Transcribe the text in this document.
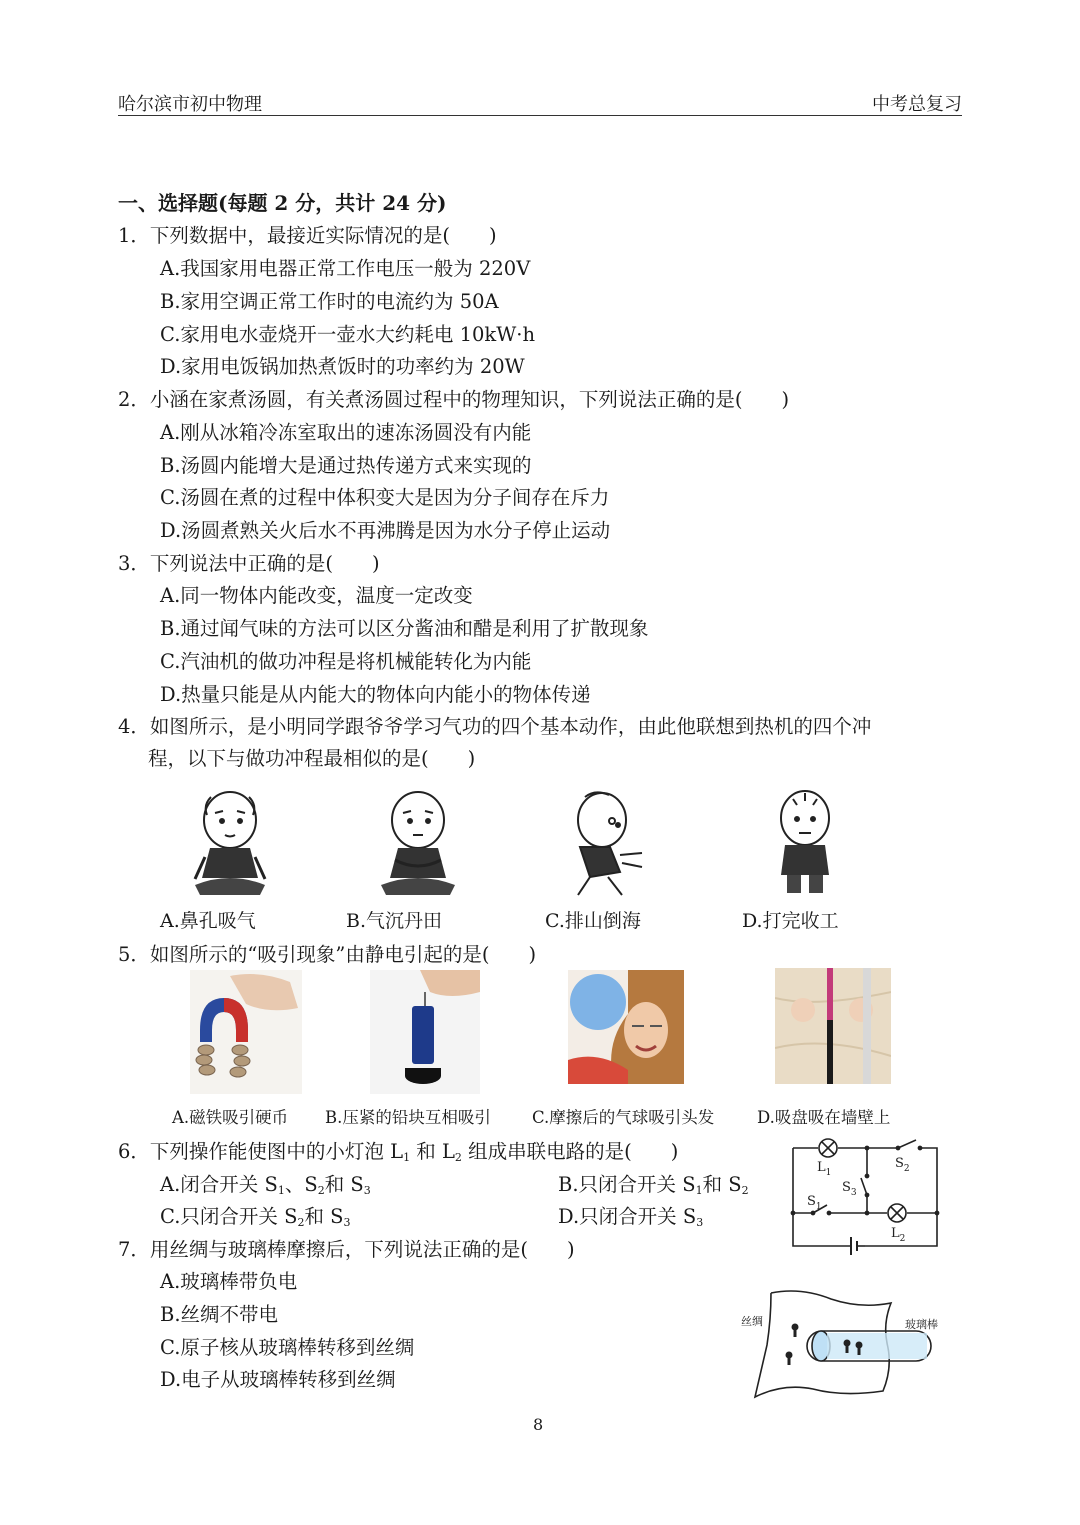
哈尔滨市初中物理	中考总复习
一、选择题(每题 2 分，共计 24 分)
1．下列数据中，最接近实际情况的是(　　)
A.我国家用电器正常工作电压一般为 220V
B.家用空调正常工作时的电流约为 50A
C.家用电水壶烧开一壶水大约耗电 10kW·h
D.家用电饭锅加热煮饭时的功率约为 20W
2．小涵在家煮汤圆，有关煮汤圆过程中的物理知识，下列说法正确的是(　　)
A.刚从冰箱冷冻室取出的速冻汤圆没有内能
B.汤圆内能增大是通过热传递方式来实现的
C.汤圆在煮的过程中体积变大是因为分子间存在斥力
D.汤圆煮熟关火后水不再沸腾是因为水分子停止运动
3．下列说法中正确的是(　　)
A.同一物体内能改变，温度一定改变
B.通过闻气味的方法可以区分酱油和醋是利用了扩散现象
C.汽油机的做功冲程是将机械能转化为内能
D.热量只能是从内能大的物体向内能小的物体传递
4．如图所示，是小明同学跟爷爷学习气功的四个基本动作，由此他联想到热机的四个冲
程，以下与做功冲程最相似的是(　　)
A.鼻孔吸气	B.气沉丹田	C.排山倒海	D.打完收工
5．如图所示的“吸引现象”由静电引起的是(　　)
A.磁铁吸引硬币 B.压紧的铅块互相吸引 C.摩擦后的气球吸引头发	D.吸盘吸在墙壁上
6．下列操作能使图中的小灯泡 $L_1$ 和 $L_2$ 组成串联电路的是(　　)
A.闭合开关 $S_1$、$S_2$和 $S_3$	B.只闭合开关 $S_1$和 $S_2$
C.只闭合开关 $S_2$和 $S_3$	D.只闭合开关 $S_3$
$L_1$
$S_2$
$S_3$
$S_1$
$L_2$
7．用丝绸与玻璃棒摩擦后，下列说法正确的是(　　)
A.玻璃棒带负电
B.丝绸不带电
C.原子核从玻璃棒转移到丝绸
D.电子从玻璃棒转移到丝绸
丝绸	玻璃棒
8
